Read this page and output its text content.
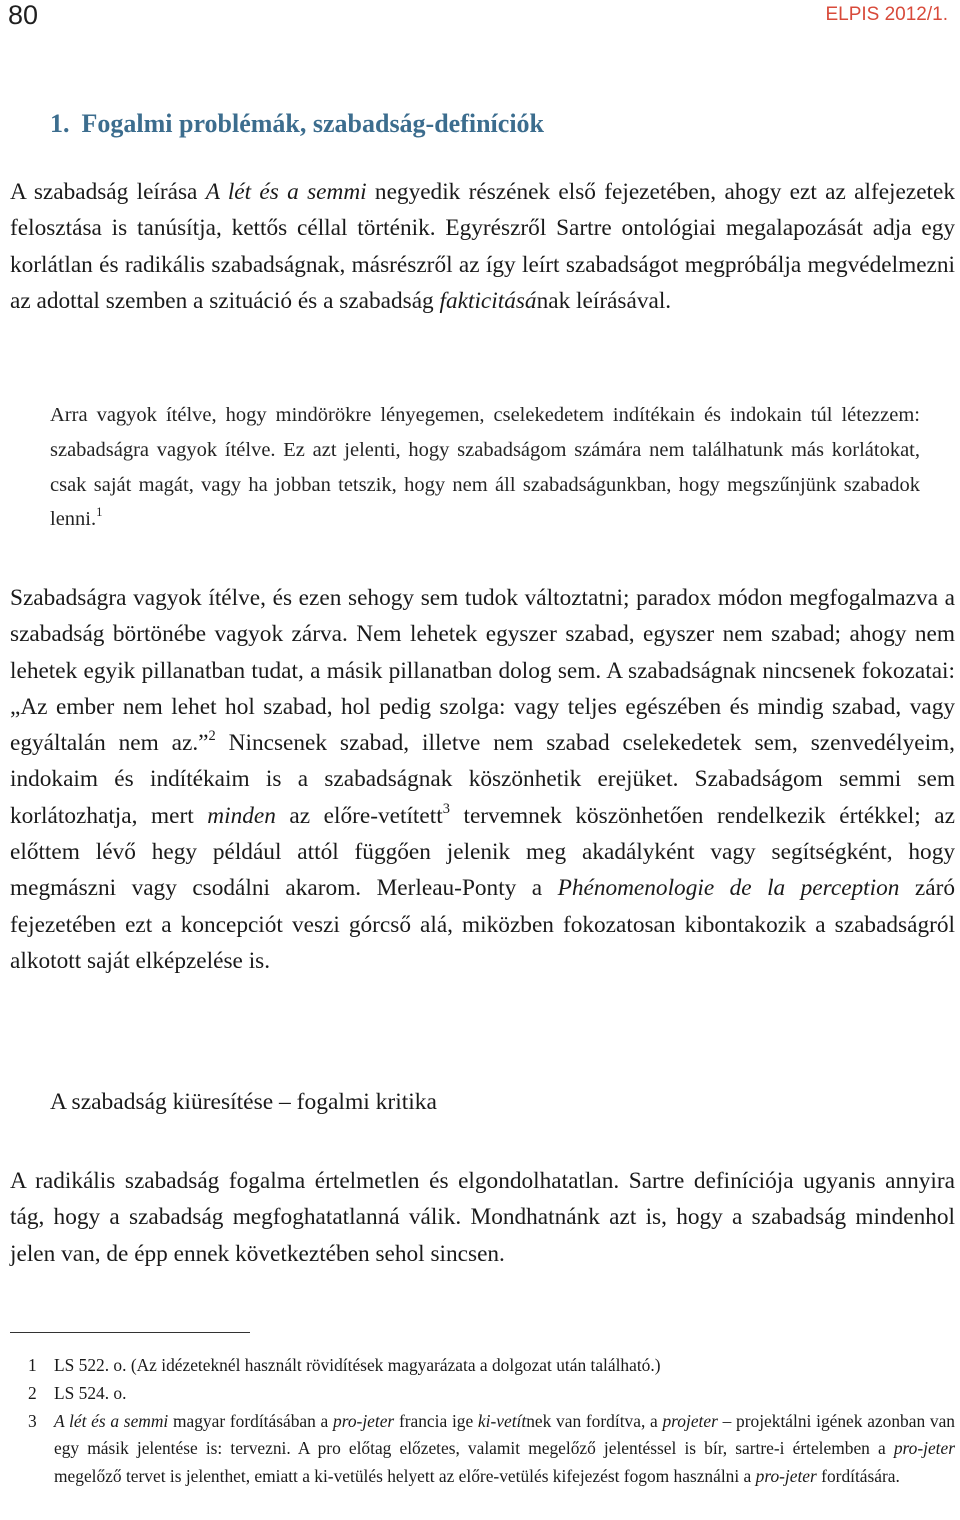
80	ELPIS 2012/1.
1. Fogalmi problémák, szabadság-definíciók

A szabadság leírása A lét és a semmi negyedik részének első fejezetében, ahogy ezt az alfejezetek felosztása is tanúsítja, kettős céllal történik. Egyrészről Sartre ontológiai megalapozását adja egy korlátlan és radikális szabadságnak, másrészről az így leírt szabadságot megpróbálja megvédelmezni az adottal szemben a szituáció és a szabadság fakticitásának leírásával.

Arra vagyok ítélve, hogy mindörökre lényegemen, cselekedetem indítékain és indokain túl létezzem: szabadságra vagyok ítélve. Ez azt jelenti, hogy szabadságom számára nem találhatunk más korlátokat, csak saját magát, vagy ha jobban tetszik, hogy nem áll szabadságunkban, hogy megszűnjünk szabadok lenni.$^1$

Szabadságra vagyok ítélve, és ezen sehogy sem tudok változtatni; paradox módon megfogalmazva a szabadság börtönébe vagyok zárva. Nem lehetek egyszer szabad, egyszer nem szabad; ahogy nem lehetek egyik pillanatban tudat, a másik pillanatban dolog sem. A szabadságnak nincsenek fokozatai: „Az ember nem lehet hol szabad, hol pedig szolga: vagy teljes egészében és mindig szabad, vagy egyáltalán nem az.”$^2$ Nincsenek szabad, illetve nem szabad cselekedetek sem, szenvedélyeim, indokaim és indítékaim is a szabadságnak köszönhetik erejüket. Szabadságom semmi sem korlátozhatja, mert minden az előre-vetített$^3$ tervemnek köszönhetően rendelkezik értékkel; az előttem lévő hegy például attól függően jelenik meg akadályként vagy segítségként, hogy megmászni vagy csodálni akarom. Merleau-Ponty a Phénomenologie de la perception záró fejezetében ezt a koncepciót veszi górcső alá, miközben fokozatosan kibontakozik a szabadságról alkotott saját elképzelése is.

A szabadság kiüresítése – fogalmi kritika

A radikális szabadság fogalma értelmetlen és elgondolhatatlan. Sartre definíciója ugyanis annyira tág, hogy a szabadság megfoghatatlanná válik. Mondhatnánk azt is, hogy a szabadság mindenhol jelen van, de épp ennek következtében sehol sincsen.

1 LS 522. o. (Az idézeteknél használt rövidítések magyarázata a dolgozat után található.)
2 LS 524. o.
3 A lét és a semmi magyar fordításában a pro-jeter francia ige ki-vetítnek van fordítva, a projeter – projektálni igének azonban van egy másik jelentése is: tervezni. A pro előtag előzetes, valamit megelőző jelentéssel is bír, sartre-i értelemben a pro-jeter megelőző tervet is jelenthet, emiatt a ki-vetülés helyett az előre-vetülés kifejezést fogom használni a pro-jeter fordítására.
